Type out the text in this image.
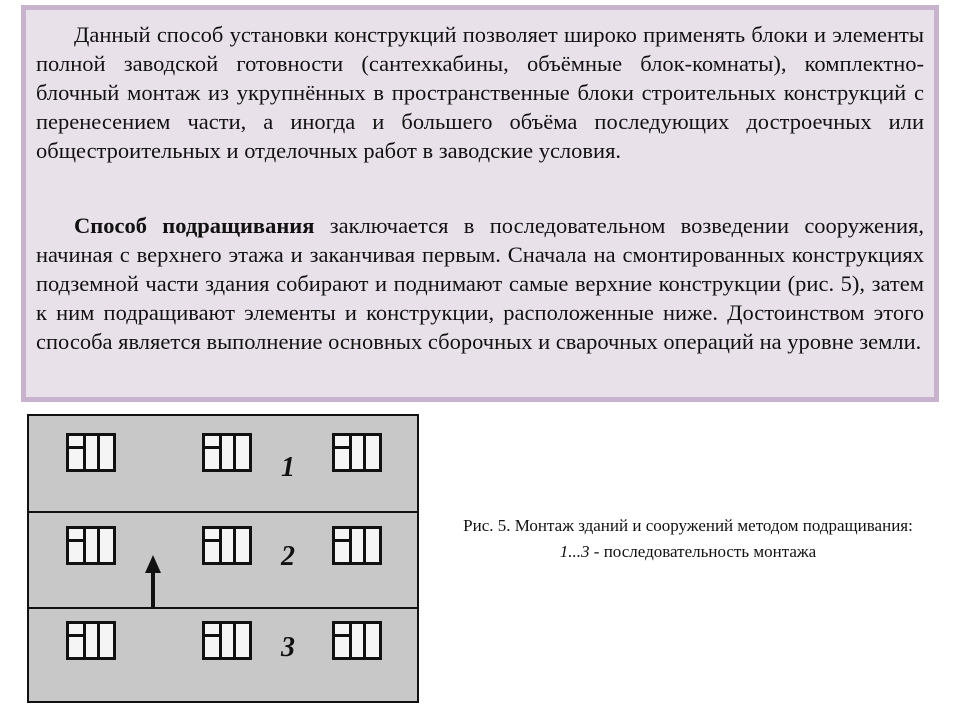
Данный способ установки конструкций позволяет широко применять блоки и элементы полной заводской готовности (сантехкабины, объёмные блок-комнаты), комплектно-блочный монтаж из укрупнённых в пространственные блоки строительных конструкций с перенесением части, а иногда и большего объёма последующих достроечных или общестроительных и отделочных работ в заводские условия.

Способ подращивания заключается в последовательном возведении сооружения, начиная с верхнего этажа и заканчивая первым. Сначала на смонтированных конструкциях подземной части здания собирают и поднимают самые верхние конструкции (рис. 5), затем к ним подращивают элементы и конструкции, расположенные ниже. Достоинством этого способа является выполнение основных сборочных и сварочных операций на уровне земли.

1
2
3
Рис. 5. Монтаж зданий и сооружений методом подращивания:
1...3 - последовательность монтажа
